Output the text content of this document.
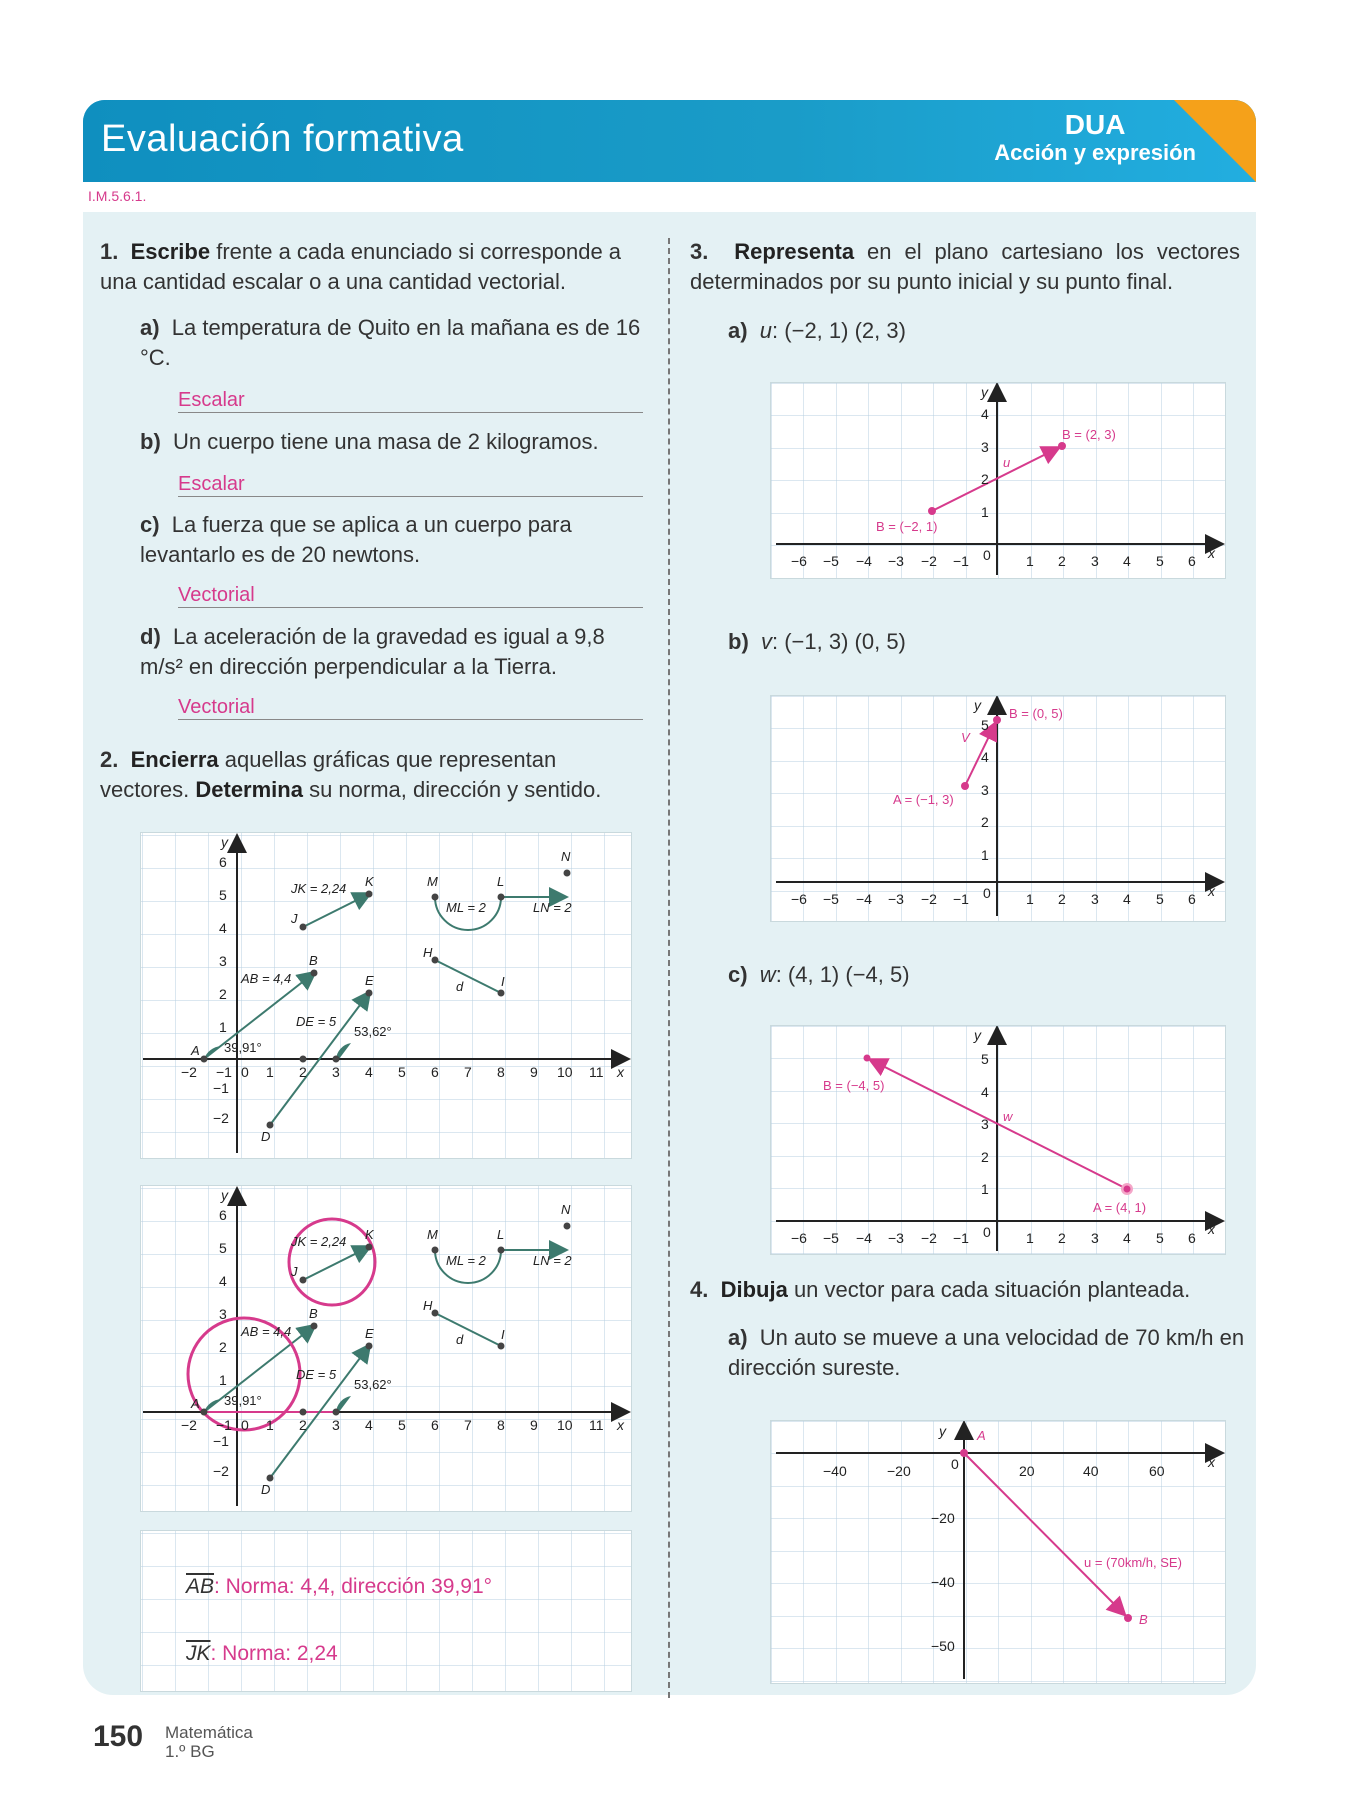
Evaluación formativa	DUA
Acción y expresión
I.M.5.6.1.
1. Escribe frente a cada enunciado si corresponde a una cantidad escalar o a una cantidad vectorial.
a) La temperatura de Quito en la mañana es de 16 °C.
Escalar
b) Un cuerpo tiene una masa de 2 kilogramos.
Escalar
c) La fuerza que se aplica a un cuerpo para levantarlo es de 20 newtons.
Vectorial
d) La aceleración de la gravedad es igual a 9,8 m/s² en dirección perpendicular a la Tierra.
Vectorial
2. Encierra aquellas gráficas que representan vectores. Determina su norma, dirección y sentido.
−2 −1 0 1 2 3 4 5 6 7 8 9 10 11 x
6
5
4
3
2
1
−1
−2
y
A
B
D
E
J
K	M	L
N
H
I
d
JK = 2,24
AB = 4,4
DE = 5
ML = 2	LN = 2
39,91°
53,62°
−2 −1 0 1 2 3 4 5 6 7 8 9 10 11 x
6
5
4
3
2
1
−1
−2
y
A
B
D
E
J
K	M	L
N
H
I
d
JK = 2,24
AB = 4,4
DE = 5
ML = 2	LN = 2
39,91°
53,62°
$\overline{AB}$: Norma: 4,4, dirección 39,91°
$\overline{JK}$: Norma: 2,24
3. Representa en el plano cartesiano los vectores determinados por su punto inicial y su punto final.
a) u: (−2, 1) (2, 3)
−6 −5 −4 −3 −2 −1 0	1 2 3 4 5 6
1
2
3
4
x
y
B = (−2, 1)
B = (2, 3)
u
b) v: (−1, 3) (0, 5)
−6 −5 −4 −3 −2 −1 0	1 2 3 4 5 6
1
2
3
4
5
x
y
A = (−1, 3)
B = (0, 5)
V
c) w: (4, 1) (−4, 5)
−6 −5 −4 −3 −2 −1 0	1 2 3 4 5 6
1
2
3
4
5
x
y
B = (−4, 5)
A = (4, 1)
w
4. Dibuja un vector para cada situación planteada.
a) Un auto se mueve a una velocidad de 70 km/h en dirección sureste.
−40	−20	0	20	40	60
−20
−40
−50
x
y A
B
u = (70km/h, SE)
150 Matemática
1.º BG
